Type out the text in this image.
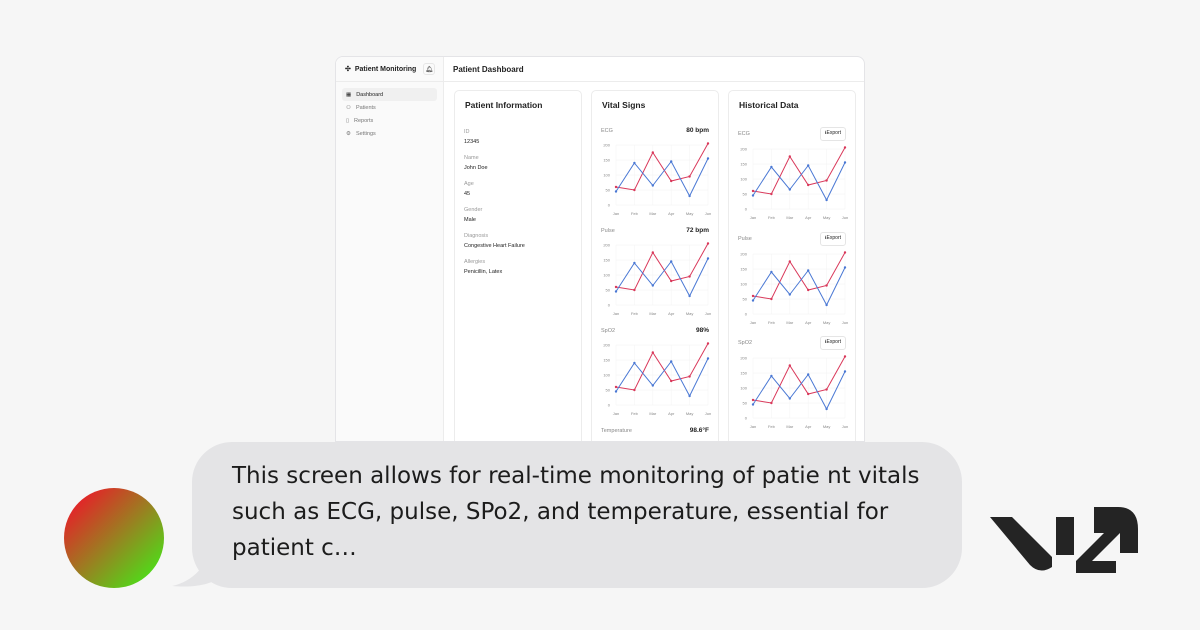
✣ Patient Monitoring	🔔︎
▦ Dashboard
⚇ Patients
▯ Reports
⚙ Settings
Patient Dashboard
Patient Information
ID
12345
Name
John Doe
Age
45
Gender
Male
Diagnosis
Congestive Heart Failure
Allergies
Penicillin, Latex
Vital Signs
ECG	80 bpm
0
50
100
150
200
Jan	Feb	Mar	Apr	May	Jun
Pulse	72 bpm
0
50
100
150
200
Jan	Feb	Mar	Apr	May	Jun
SpO2	98%
0
50
100
150
200
Jan	Feb	Mar	Apr	May	Jun
Temperature	98.6°F
Historical Data
ECG	⭳Export
0
50
100
150
200
Jan	Feb	Mar	Apr	May	Jun
Pulse	⭳Export
0
50
100
150
200
Jan	Feb	Mar	Apr	May	Jun
SpO2	⭳Export
0
50
100
150
200
Jan	Feb	Mar	Apr	May	Jun
This screen allows for real-time monitoring of patie nt vitals such as ECG, pulse, SPo2, and temperature, essential for patient c…
